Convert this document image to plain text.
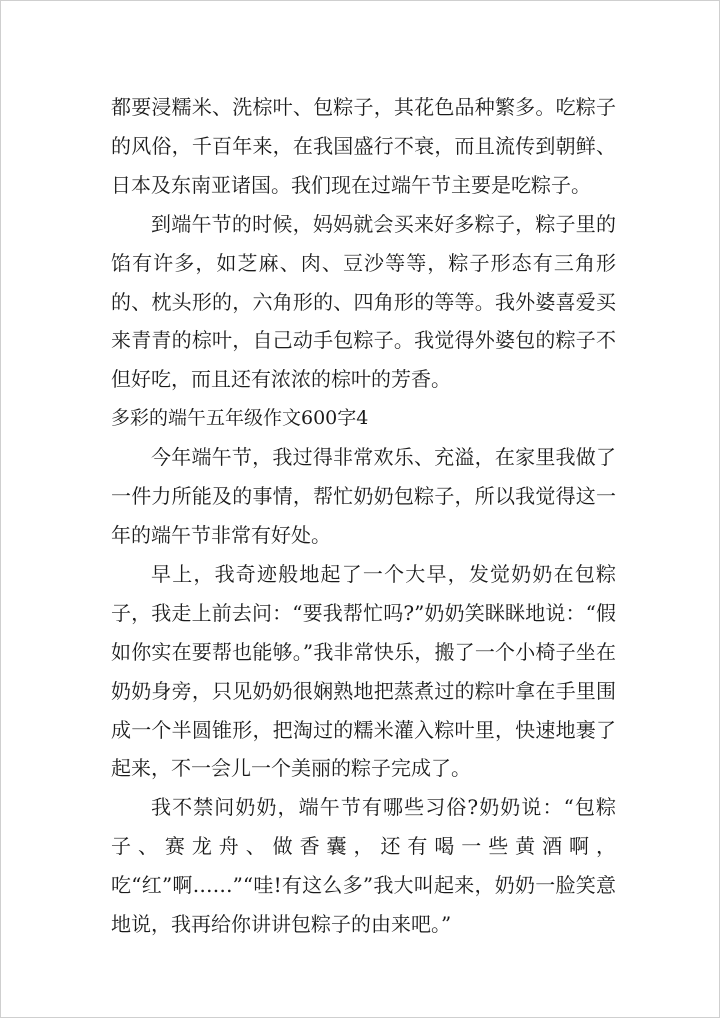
都要浸糯米、洗棕叶、包粽子，其花色品种繁多。吃粽子的风俗，千百年来，在我国盛行不衰，而且流传到朝鲜、日本及东南亚诸国。我们现在过端午节主要是吃粽子。

到端午节的时候，妈妈就会买来好多粽子，粽子里的馅有许多，如芝麻、肉、豆沙等等，粽子形态有三角形的、枕头形的，六角形的、四角形的等等。我外婆喜爱买来青青的棕叶，自己动手包粽子。我觉得外婆包的粽子不但好吃，而且还有浓浓的棕叶的芳香。

多彩的端午五年级作文600字4

今年端午节，我过得非常欢乐、充溢，在家里我做了一件力所能及的事情，帮忙奶奶包粽子，所以我觉得这一年的端午节非常有好处。

早上，我奇迹般地起了一个大早，发觉奶奶在包粽子，我走上前去问：“要我帮忙吗?”奶奶笑眯眯地说：“假如你实在要帮也能够。”我非常快乐，搬了一个小椅子坐在奶奶身旁，只见奶奶很娴熟地把蒸煮过的粽叶拿在手里围成一个半圆锥形，把淘过的糯米灌入粽叶里，快速地裹了起来，不一会儿一个美丽的粽子完成了。

我不禁问奶奶，端午节有哪些习俗?奶奶说：“包粽子、赛龙舟、做香囊，还有喝一些黄酒啊，吃“红”啊……”“哇!有这么多”我大叫起来，奶奶一脸笑意地说，我再给你讲讲包粽子的由来吧。”
